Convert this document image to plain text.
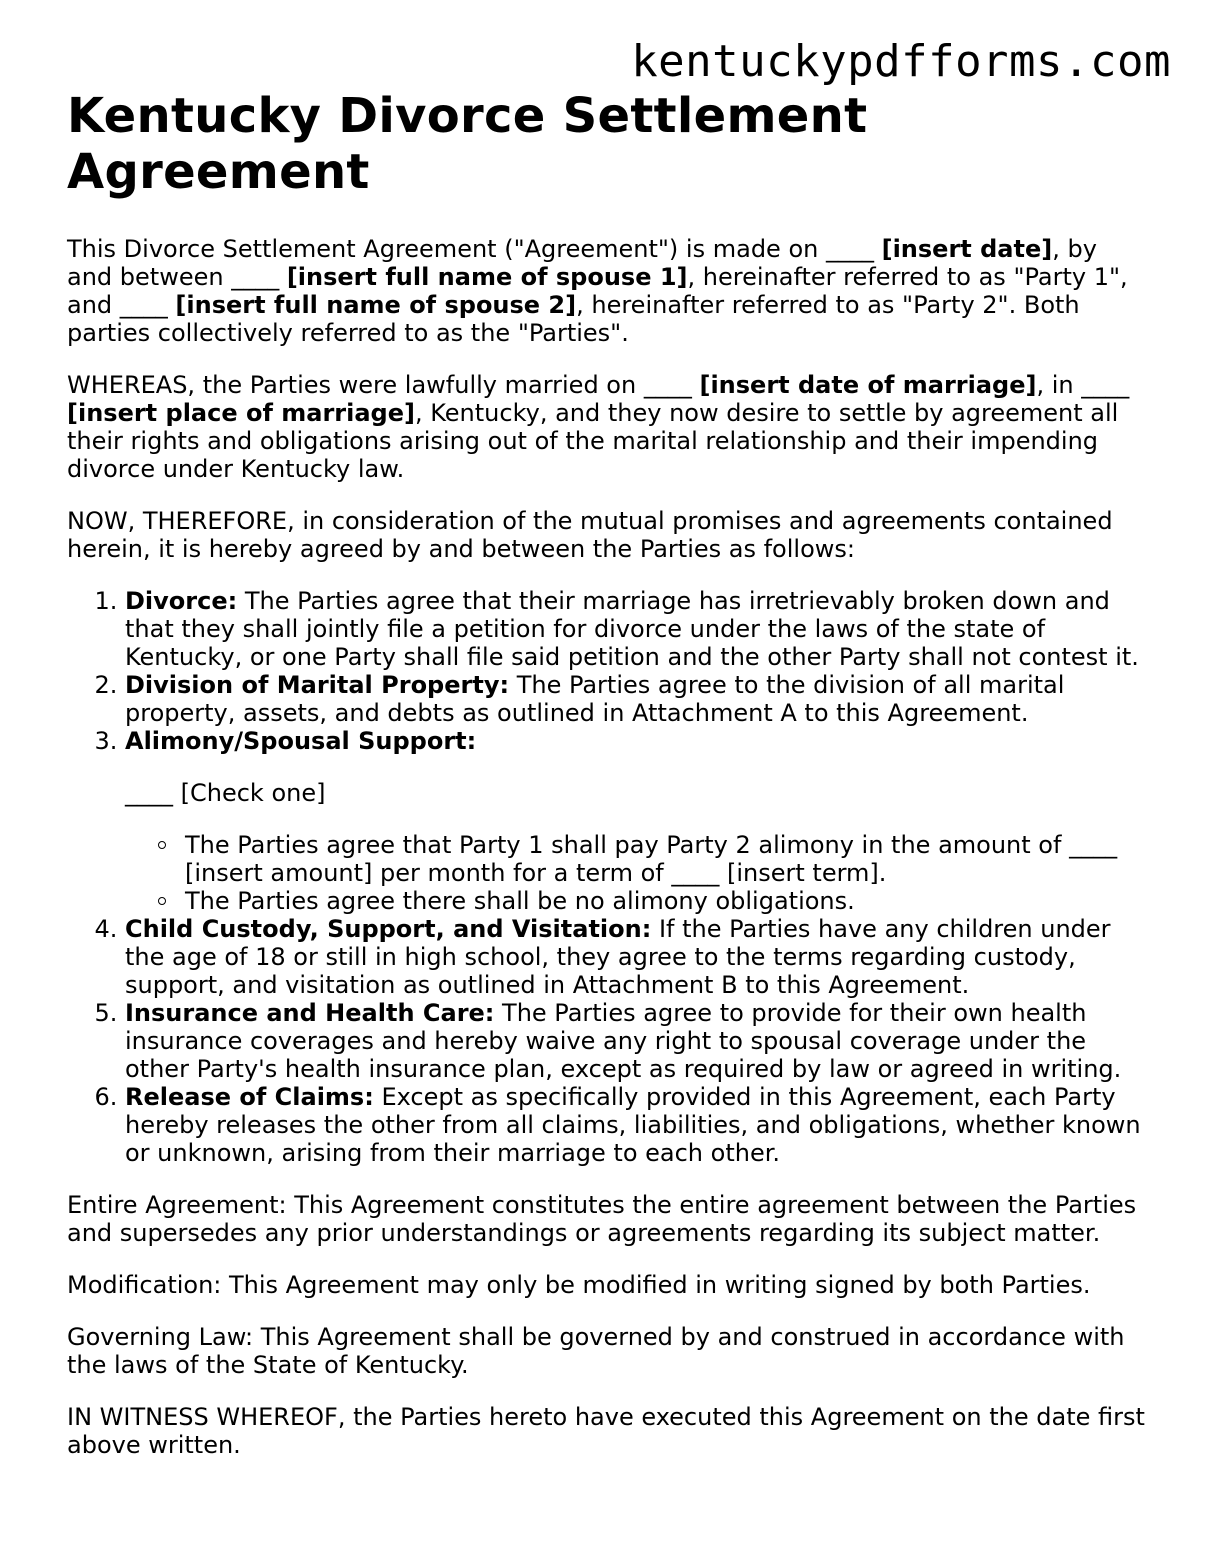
kentuckypdfforms.com
Kentucky Divorce Settlement Agreement

This Divorce Settlement Agreement ("Agreement") is made on ____ [insert date], by and between ____ [insert full name of spouse 1], hereinafter referred to as "Party 1", and ____ [insert full name of spouse 2], hereinafter referred to as "Party 2". Both parties collectively referred to as the "Parties".

WHEREAS, the Parties were lawfully married on ____ [insert date of marriage], in ____ [insert place of marriage], Kentucky, and they now desire to settle by agreement all their rights and obligations arising out of the marital relationship and their impending divorce under Kentucky law.

NOW, THEREFORE, in consideration of the mutual promises and agreements contained herein, it is hereby agreed by and between the Parties as follows:

1. Divorce: The Parties agree that their marriage has irretrievably broken down and that they shall jointly file a petition for divorce under the laws of the state of Kentucky, or one Party shall file said petition and the other Party shall not contest it.
2. Division of Marital Property: The Parties agree to the division of all marital property, assets, and debts as outlined in Attachment A to this Agreement.
3. Alimony/Spousal Support:
____ [Check one]
The Parties agree that Party 1 shall pay Party 2 alimony in the amount of ____ [insert amount] per month for a term of ____ [insert term].
The Parties agree there shall be no alimony obligations.
4. Child Custody, Support, and Visitation: If the Parties have any children under the age of 18 or still in high school, they agree to the terms regarding custody, support, and visitation as outlined in Attachment B to this Agreement.
5. Insurance and Health Care: The Parties agree to provide for their own health insurance coverages and hereby waive any right to spousal coverage under the other Party's health insurance plan, except as required by law or agreed in writing.
6. Release of Claims: Except as specifically provided in this Agreement, each Party hereby releases the other from all claims, liabilities, and obligations, whether known or unknown, arising from their marriage to each other.

Entire Agreement: This Agreement constitutes the entire agreement between the Parties and supersedes any prior understandings or agreements regarding its subject matter.

Modification: This Agreement may only be modified in writing signed by both Parties.

Governing Law: This Agreement shall be governed by and construed in accordance with the laws of the State of Kentucky.

IN WITNESS WHEREOF, the Parties hereto have executed this Agreement on the date first above written.
